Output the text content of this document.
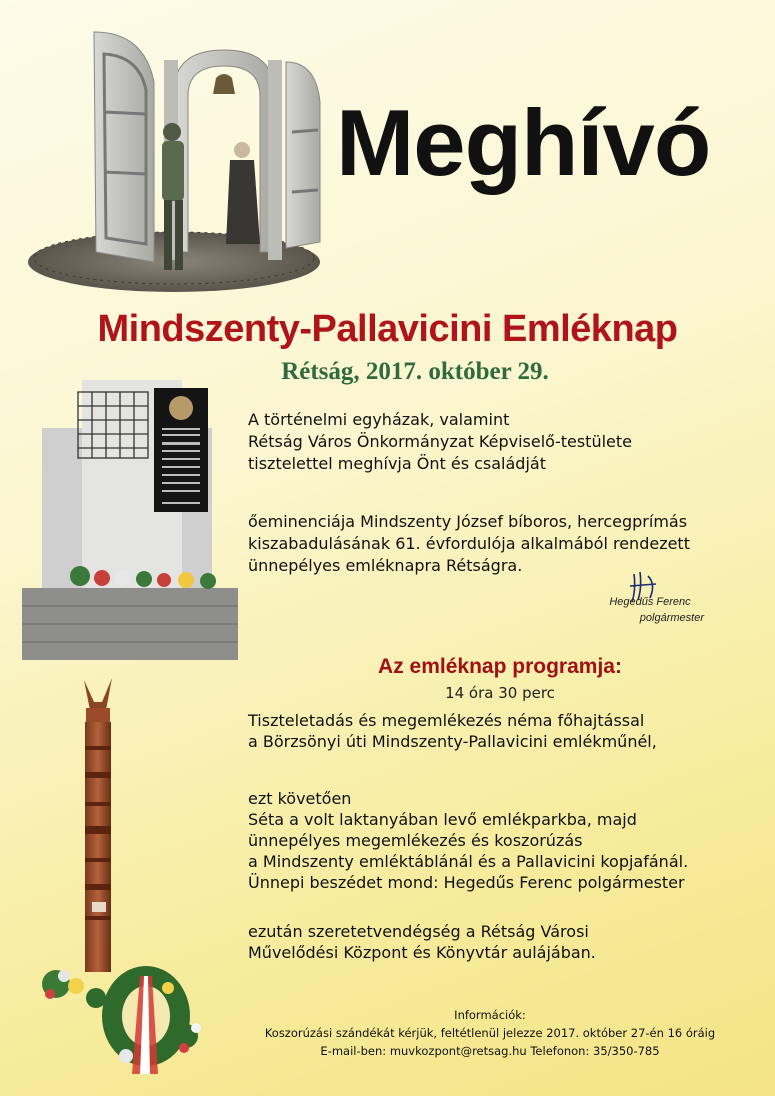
Meghívó
Mindszenty-Pallavicini Emléknap
Rétság, 2017. október 29.
A történelmi egyházak, valamint
Rétság Város Önkormányzat Képviselő-testülete
tisztelettel meghívja Önt és családját
őeminenciája Mindszenty József bíboros, hercegprímás
kiszabadulásának 61. évfordulója alkalmából rendezett
ünnepélyes emléknapra Rétságra.
Hegedűs Ferenc
polgármester
Az emléknap programja:
14 óra 30 perc
Tiszteletadás és megemlékezés néma főhajtással
a Börzsönyi úti Mindszenty-Pallavicini emlékműnél,
ezt követően
Séta a volt laktanyában levő emlékparkba, majd
ünnepélyes megemlékezés és koszorúzás
a Mindszenty emléktáblánál és a Pallavicini kopjafánál.
Ünnepi beszédet mond: Hegedűs Ferenc polgármester
ezután szeretetvendégség a Rétság Városi
Művelődési Központ és Könyvtár aulájában.
Információk:
Koszorúzási szándékát kérjük, feltétlenül jelezze 2017. október 27-én 16 óráig
E-mail-ben: muvkozpont@retsag.hu Telefonon: 35/350-785
